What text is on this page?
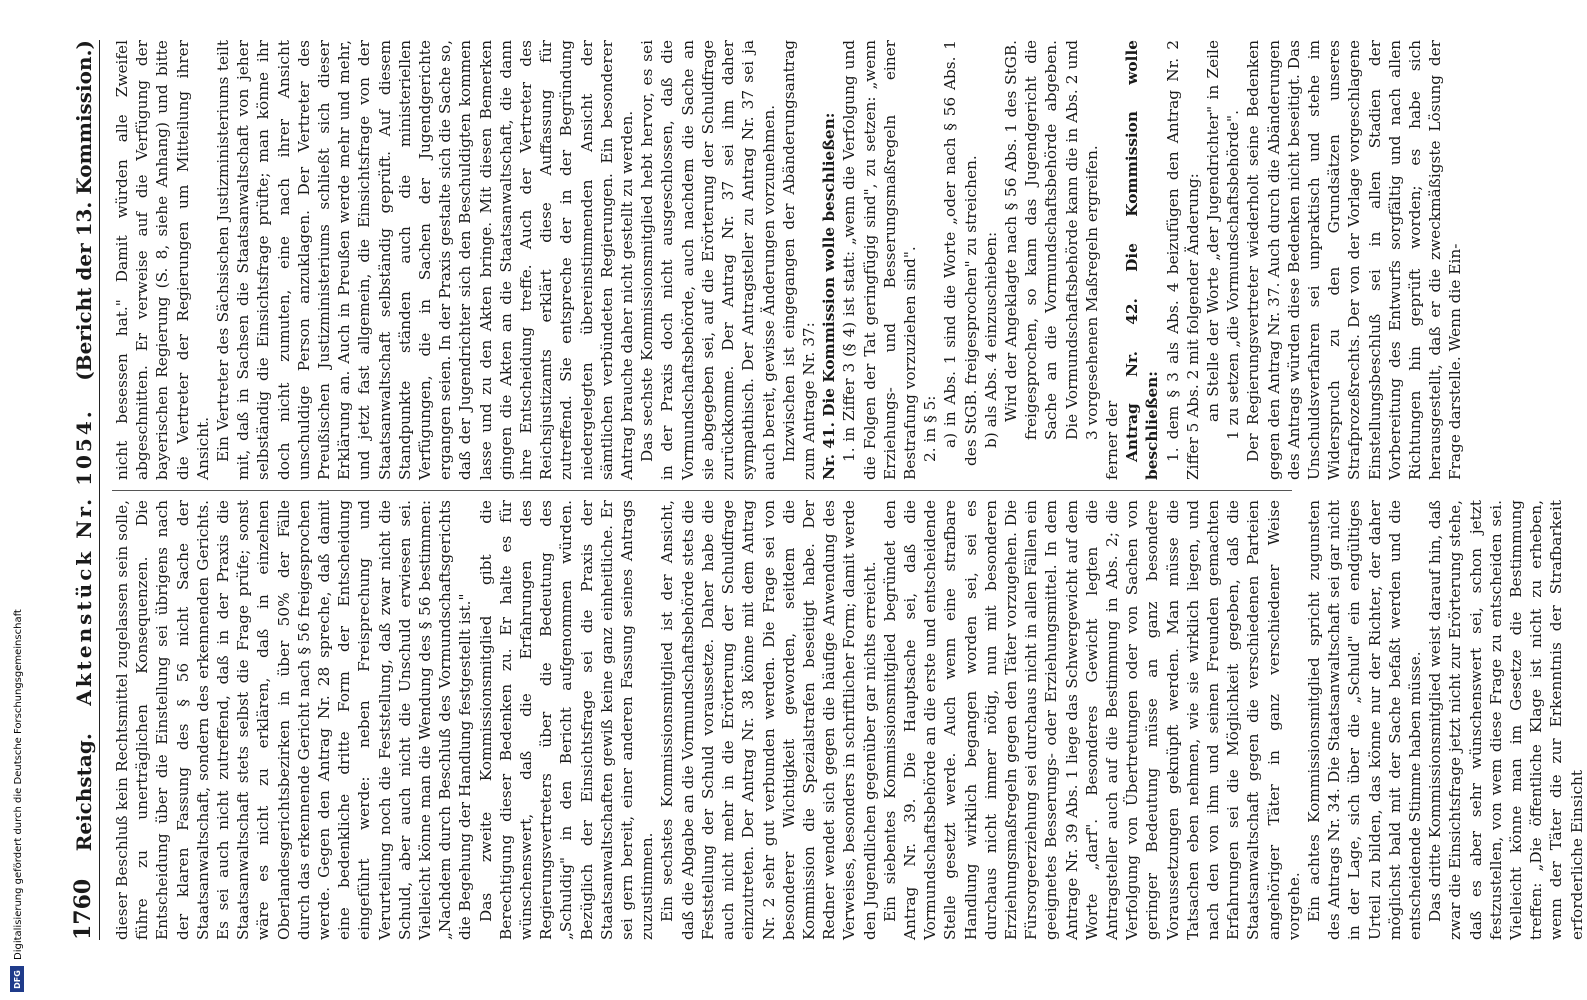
1760
Reichstag.
Aktenstück Nr. 1054.
(Bericht der 13. Kommission.)

dieser Beschluß kein Rechtsmittel zugelassen sein solle, führe zu unerträglichen Konsequenzen. Die Entscheidung über die Einstellung sei übrigens nach der klaren Fassung des § 56 nicht Sache der Staatsanwaltschaft, sondern des erkennenden Gerichts. Es sei auch nicht zutreffend, daß in der Praxis die Staatsanwaltschaft stets selbst die Frage prüfe; sonst wäre es nicht zu erklären, daß in einzelnen Oberlandesgerichtsbezirken in über 50% der Fälle durch das erkennende Gericht nach § 56 freigesprochen werde. Gegen den Antrag Nr. 28 spreche, daß damit eine bedenkliche dritte Form der Entscheidung eingeführt werde: neben Freisprechung und Verurteilung noch die Feststellung, daß zwar nicht die Schuld, aber auch nicht die Unschuld erwiesen sei. Vielleicht könne man die Wendung des § 56 bestimmen: „Nachdem durch Beschluß des Vormundschaftsgerichts die Begehung der Handlung festgestellt ist." Das zweite Kommissionsmitglied gibt die Berechtigung dieser Bedenken zu. Er halte es für wünschenswert, daß die Erfahrungen des Regierungsvertreters über die Bedeutung des „Schuldig" in den Bericht aufgenommen würden. Bezüglich der Einsichtsfrage sei die Praxis der Staatsanwaltschaften gewiß keine ganz einheitliche. Er sei gern bereit, einer anderen Fassung seines Antrags zuzustimmen. Ein sechstes Kommissionsmitglied ist der Ansicht, daß die Abgabe an die Vormundschaftsbehörde stets die Feststellung der Schuld voraussetze. Daher habe die auch nicht mehr in die Erörterung der Schuldfrage einzutreten. Der Antrag Nr. 38 könne mit dem Antrag Nr. 2 sehr gut verbunden werden. Die Frage sei von besonderer Wichtigkeit geworden, seitdem die Kommission die Spezialstrafen beseitigt habe. Der Redner wendet sich gegen die häufige Anwendung des Verweises, besonders in schriftlicher Form; damit werde den Jugendlichen gegenüber gar nichts erreicht. Ein siebentes Kommissionsmitglied begründet den Antrag Nr. 39. Die Hauptsache sei, daß die Vormundschaftsbehörde an die erste und entscheidende Stelle gesetzt werde. Auch wenn eine strafbare Handlung wirklich begangen worden sei, sei es durchaus nicht immer nötig, nun mit besonderen Erziehungsmaßregeln gegen den Täter vorzugehen. Die Fürsorgeerziehung sei durchaus nicht in allen Fällen ein geeignetes Besserungs- oder Erziehungsmittel. In dem Antrage Nr. 39 Abs. 1 liege das Schwergewicht auf dem Worte „darf". Besonderes Gewicht legten die Antragsteller auch auf die Bestimmung in Abs. 2; die Verfolgung von Übertretungen oder von Sachen von geringer Bedeutung müsse an ganz besondere Voraussetzungen geknüpft werden. Man müsse die Tatsachen eben nehmen, wie sie wirklich liegen, und nach den von ihm und seinen Freunden gemachten Erfahrungen sei die Möglichkeit gegeben, daß die Staatsanwaltschaft gegen die verschiedenen Parteien angehöriger Täter in ganz verschiedener Weise vorgehe. Ein achtes Kommissionsmitglied spricht zugunsten des Antrags Nr. 34. Die Staatsanwaltschaft sei gar nicht in der Lage, sich über die „Schuld" ein endgültiges Urteil zu bilden, das könne nur der Richter, der daher möglichst bald mit der Sache befaßt werden und die entscheidende Stimme haben müsse. Das dritte Kommissionsmitglied weist darauf hin, daß zwar die Einsichtsfrage jetzt nicht zur Erörterung stehe, daß es aber sehr wünschenswert sei, schon jetzt festzustellen, von wem diese Frage zu entscheiden sei. Vielleicht könne man im Gesetze die Bestimmung treffen: „Die öffentliche Klage ist nicht zu erheben, wenn der Täter die zur Erkenntnis der Strafbarkeit erforderliche Einsicht

nicht besessen hat." Damit würden alle Zweifel abgeschnitten. Er verweise auf die Verfügung der bayerischen Regierung (S. 8, siehe Anhang) und bitte die Vertreter der Regierungen um Mitteilung ihrer Ansicht. Ein Vertreter des Sächsischen Justizministeriums teilt mit, daß in Sachsen die Staatsanwaltschaft von jeher selbständig die Einsichtsfrage prüfte; man könne ihr doch nicht zumuten, eine nach ihrer Ansicht unschuldige Person anzuklagen. Der Vertreter des Preußischen Justizministeriums schließt sich dieser Erklärung an. Auch in Preußen werde mehr und mehr, und jetzt fast allgemein, die Einsichtsfrage von der Staatsanwaltschaft selbständig geprüft. Auf diesem Standpunkte ständen auch die ministeriellen Verfügungen, die in Sachen der Jugendgerichte ergangen seien. In der Praxis gestalte sich die Sache so, daß der Jugendrichter sich den Beschuldigten kommen lasse und zu den Akten bringe. Mit diesen Bemerken gingen die Akten an die Staatsanwaltschaft, die dann ihre Entscheidung treffe. Auch der Vertreter des Reichsjustizamts erklärt diese Auffassung für zutreffend. Sie entspreche der in der Begründung niedergelegten übereinstimmenden Ansicht der sämtlichen verbündeten Regierungen. Ein besonderer Antrag brauche daher nicht gestellt zu werden. Das sechste Kommissionsmitglied hebt hervor, es sei in der Praxis doch nicht ausgeschlossen, daß die Vormundschaftsbehörde, auch nachdem die Sache an sie abgegeben sei, auf die Erörterung der Schuldfrage zurückkomme. Der Antrag Nr. 37 sei ihm daher sympathisch. Der Antragsteller zu Antrag Nr. 37 sei ja auch bereit, gewisse Änderungen vorzunehmen. Inzwischen ist eingegangen der Abänderungsantrag zum Antrage Nr. 37: Nr. 41. Die Kommission wolle beschließen: 1. in Ziffer 3 (§ 4) ist statt: „wenn die Verfolgung und die Folgen der Tat geringfügig sind", zu setzen: „wenn Erziehungs- und Besserungsmaßregeln einer Bestrafung vorzuziehen sind". 2. in § 5: a) in Abs. 1 sind die Worte „oder nach § 56 Abs. 1 des StGB. freigesprochen" zu streichen. b) als Abs. 4 einzuschieben: Wird der Angeklagte nach § 56 Abs. 1 des StGB. freigesprochen, so kann das Jugendgericht die Sache an die Vormundschaftsbehörde abgeben. Die Vormundschaftsbehörde kann die in Abs. 2 und 3 vorgesehenen Maßregeln ergreifen.

ferner der Antrag Nr. 42. Die Kommission wolle beschließen: 1. dem § 3 als Abs. 4 beizufügen den Antrag Nr. 2 Ziffer 5 Abs. 2 mit folgender Änderung: an Stelle der Worte „der Jugendrichter" in Zeile 1 zu setzen „die Vormundschaftsbehörde". Der Regierungsvertreter wiederholt seine Bedenken gegen den Antrag Nr. 37. Auch durch die Abänderungen des Antrags würden diese Bedenken nicht beseitigt. Das Unschuldsverfahren sei unpraktisch und stehe im Widerspruch zu den Grundsätzen unseres Strafprozeßrechts. Der von der Vorlage vorgeschlagene Einstellungsbeschluß sei in allen Stadien der Vorbereitung des Entwurfs sorgfältig und nach allen Richtungen hin geprüft worden; es habe sich herausgestellt, daß er die zweckmäßigste Lösung der Frage darstelle. Wenn die Ein-

Digitalisierung gefördert durch die Deutsche Forschungsgemeinschaft
DFG
